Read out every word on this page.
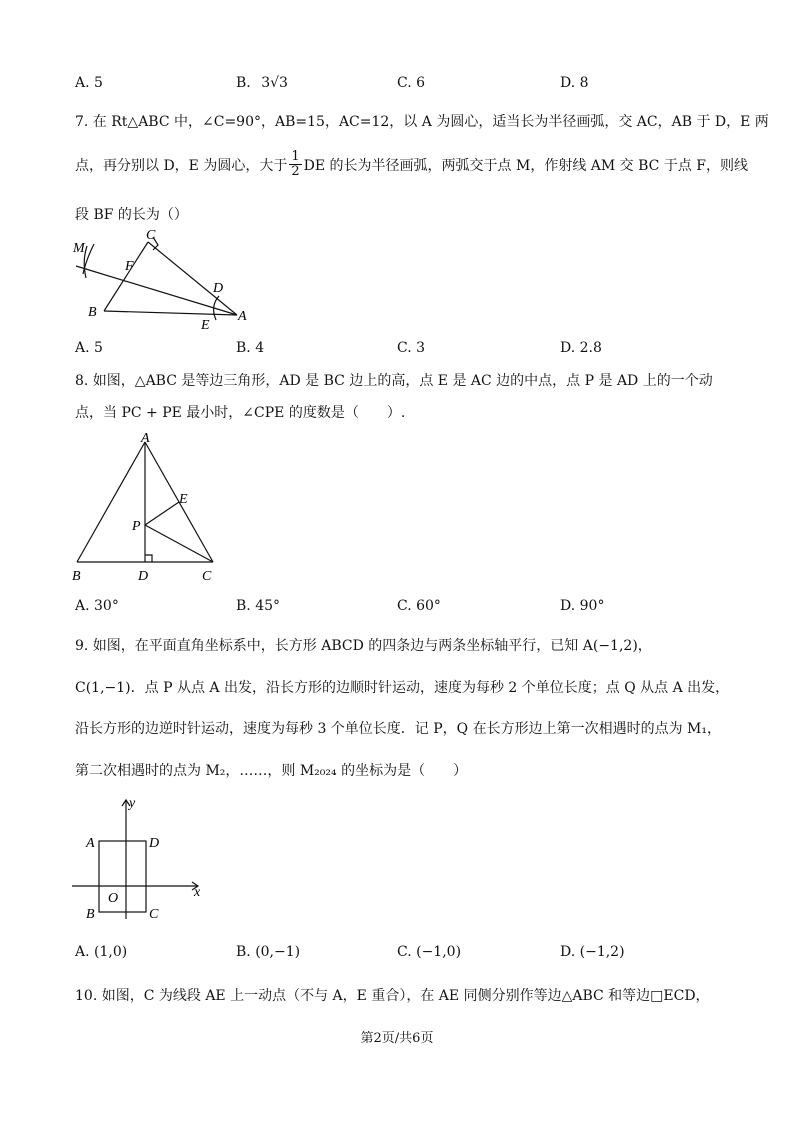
A. 5	B. 3√3	C. 6	D. 8
7. 在 Rt△ABC 中，∠C=90°，AB=15，AC=12，以 A 为圆心，适当长为半径画弧，交 AC，AB 于 D，E 两
点，再分别以 D，E 为圆心，大于 $\frac{1}{2}$ DE 的长为半径画弧，两弧交于点 M，作射线 AM 交 BC 于点 F，则线
段 BF 的长为（）
M
C
F
D
B
E
A
A. 5	B. 4	C. 3	D. 2.8
8. 如图，△ABC 是等边三角形，AD 是 BC 边上的高，点 E 是 AC 边的中点，点 P 是 AD 上的一个动
点，当 PC + PE 最小时，∠CPE 的度数是（　　）.
A
E
P
B	D	C
A. 30°	B. 45°	C. 60°	D. 90°
9. 如图，在平面直角坐标系中，长方形 ABCD 的四条边与两条坐标轴平行，已知 A(−1,2)，
C(1,−1)．点 P 从点 A 出发，沿长方形的边顺时针运动，速度为每秒 2 个单位长度；点 Q 从点 A 出发，
沿长方形的边逆时针运动，速度为每秒 3 个单位长度．记 P，Q 在长方形边上第一次相遇时的点为 M₁，
第二次相遇时的点为 M₂，……，则 M₂₀₂₄ 的坐标为是（　　）
y
x
A	D
O
B	C
A. (1,0)	B. (0,−1)	C. (−1,0)	D. (−1,2)
10. 如图，C 为线段 AE 上一动点（不与 A，E 重合），在 AE 同侧分别作等边△ABC 和等边□ECD，
第2页/共6页
